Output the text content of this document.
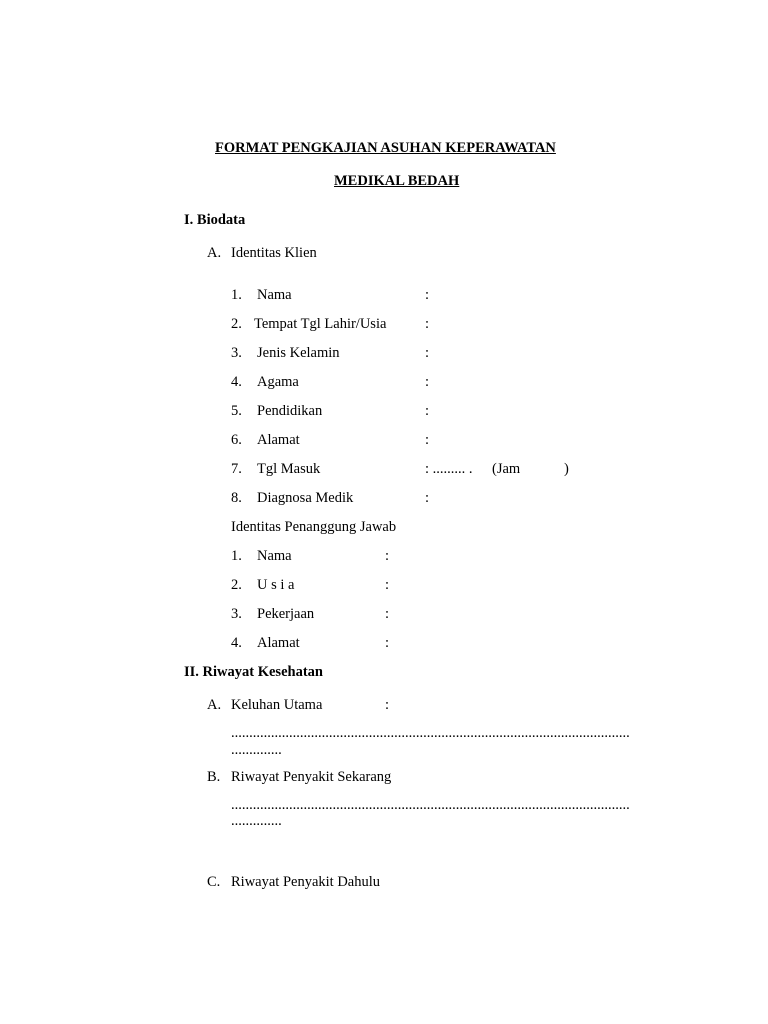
FORMAT PENGKAJIAN ASUHAN KEPERAWATAN
MEDIKAL BEDAH
I. Biodata
A. Identitas Klien
1. Nama	:
2. Tempat Tgl Lahir/Usia	:
3. Jenis Kelamin	:
4. Agama	:
5. Pendidikan	:
6. Alamat	:
7. Tgl Masuk	: ......... . (Jam	)
8. Diagnosa Medik	:
Identitas Penanggung Jawab
1. Nama	:
2. U s i a	:
3. Pekerjaan	:
4. Alamat	:
II. Riwayat Kesehatan
A. Keluhan Utama	:
..............................................................................................................
..............
B. Riwayat Penyakit Sekarang
..............................................................................................................
..............
C. Riwayat Penyakit Dahulu
